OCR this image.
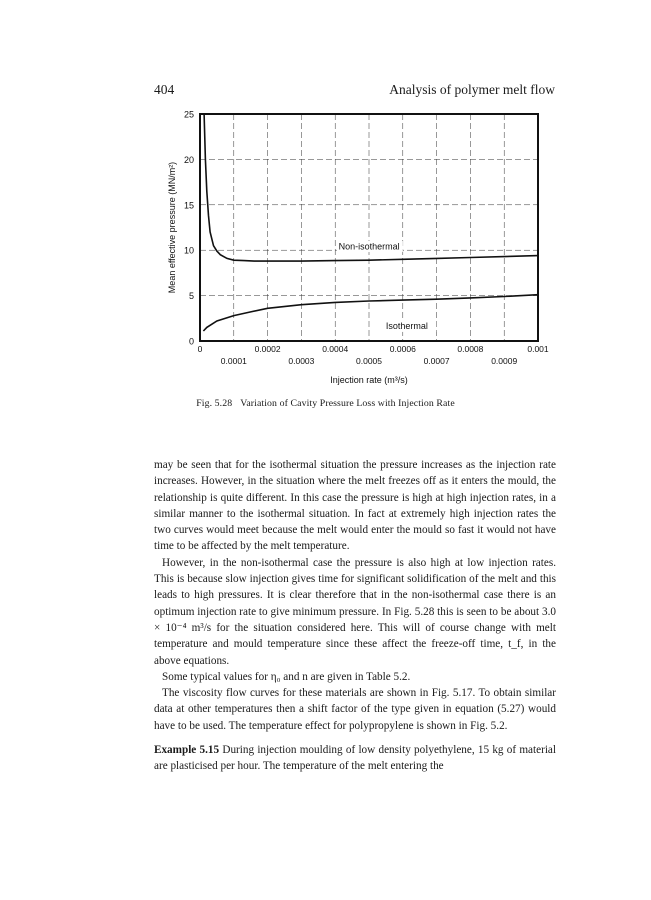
404	Analysis of polymer melt flow
0
5
10
15
20
25
0	0.0002	0.0004	0.0006	0.0008	0.001
0.0001	0.0003	0.0005	0.0007	0.0009
Injection rate (m³/s)
Mean effective pressure (MN/m²)	Non-isothermal
Isothermal
Fig. 5.28 Variation of Cavity Pressure Loss with Injection Rate

may be seen that for the isothermal situation the pressure increases as the injection rate increases. However, in the situation where the melt freezes off as it enters the mould, the relationship is quite different. In this case the pressure is high at high injection rates, in a similar manner to the isothermal situation. In fact at extremely high injection rates the two curves would meet because the melt would enter the mould so fast it would not have time to be affected by the melt temperature.

However, in the non-isothermal case the pressure is also high at low injection rates. This is because slow injection gives time for significant solidification of the melt and this leads to high pressures. It is clear therefore that in the non-isothermal case there is an optimum injection rate to give minimum pressure. In Fig. 5.28 this is seen to be about 3.0 × 10⁻⁴ m³/s for the situation considered here. This will of course change with melt temperature and mould temperature since these affect the freeze-off time, t_f, in the above equations.

Some typical values for η₀ and n are given in Table 5.2.

The viscosity flow curves for these materials are shown in Fig. 5.17. To obtain similar data at other temperatures then a shift factor of the type given in equation (5.27) would have to be used. The temperature effect for polypropylene is shown in Fig. 5.2.

Example 5.15 During injection moulding of low density polyethylene, 15 kg of material are plasticised per hour. The temperature of the melt entering the
